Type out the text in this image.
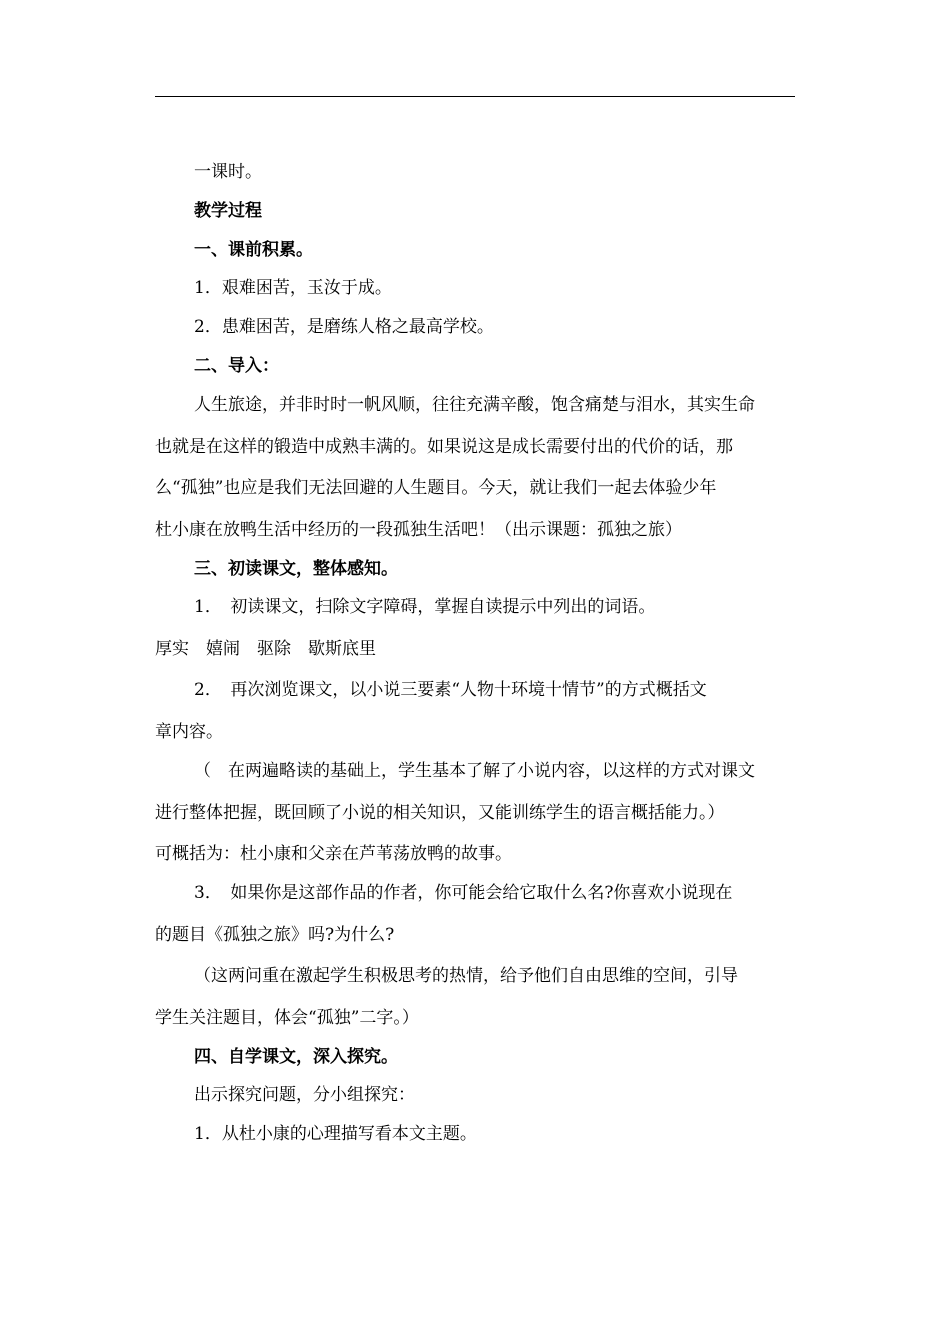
一课时。
教学过程
一、课前积累。
1．艰难困苦，玉汝于成。
2．患难困苦，是磨练人格之最高学校。
二、导入：
人生旅途，并非时时一帆风顺，往往充满辛酸，饱含痛楚与泪水，其实生命
也就是在这样的锻造中成熟丰满的。如果说这是成长需要付出的代价的话，那
么“孤独”也应是我们无法回避的人生题目。今天，就让我们一起去体验少年
杜小康在放鸭生活中经历的一段孤独生活吧！（出示课题：孤独之旅）
三、初读课文，整体感知。
1．　初读课文，扫除文字障碍，掌握自读提示中列出的词语。
厚实　嬉闹　驱除　歇斯底里
2．　再次浏览课文，以小说三要素“人物十环境十情节”的方式概括文
章内容。
（　在两遍略读的基础上，学生基本了解了小说内容，以这样的方式对课文
进行整体把握，既回顾了小说的相关知识，又能训练学生的语言概括能力。）
可概括为：杜小康和父亲在芦苇荡放鸭的故事。
3．　如果你是这部作品的作者，你可能会给它取什么名?你喜欢小说现在
的题目《孤独之旅》吗?为什么?
（这两问重在激起学生积极思考的热情，给予他们自由思维的空间，引导
学生关注题目，体会“孤独”二字。）
四、自学课文，深入探究。
出示探究问题，分小组探究：
1．从杜小康的心理描写看本文主题。
